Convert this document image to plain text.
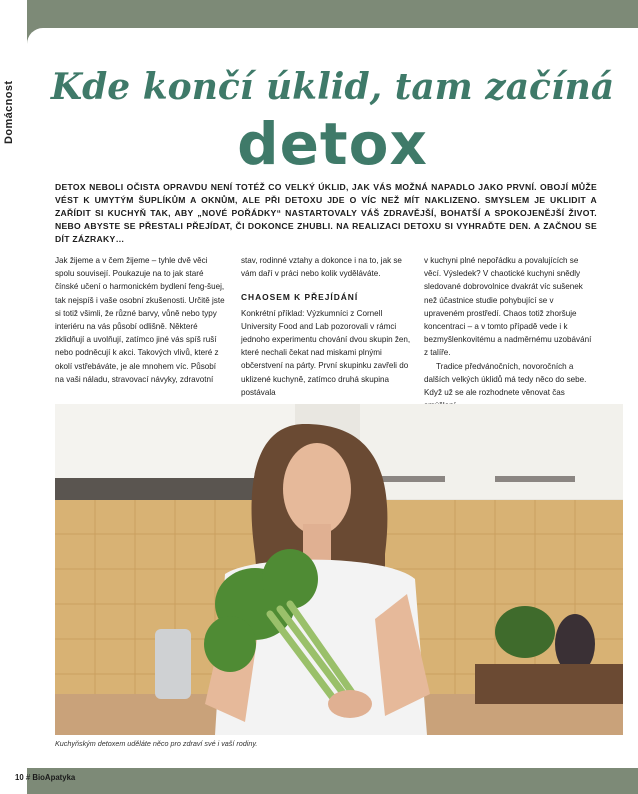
Domácnost Kde končí úklid, tam začíná
detox
DETOX NEBOLI OČISTA OPRAVDU NENÍ TOTÉŽ CO VELKÝ ÚKLID, JAK VÁS MOŽNÁ NAPADLO JAKO PRVNÍ. OBOJÍ MŮŽE VÉST K UMYTÝM ŠUPLÍKŮM A OKNŮM, ALE PŘI DETOXU JDE O VÍC NEŽ MÍT NAKLIZENO. SMYSLEM JE UKLIDIT A ZAŘÍDIT SI KUCHYŇ TAK, ABY „NOVÉ POŘÁDKY“ NASTARTOVALY VÁŠ ZDRAVĚJŠÍ, BOHATŠÍ A SPOKOJENĚJŠÍ ŽIVOT. NEBO ABYSTE SE PŘESTALI PŘEJÍDAT, ČI DOKONCE ZHUBLI. NA REALIZACI DETOXU SI VYHRAĎTE DEN. A ZAČNOU SE DÍT ZÁZRAKY…

Jak žijeme a v čem žijeme – tyhle dvě věci spolu souvisejí. Poukazuje na to jak staré čínské učení o harmonickém bydlení feng-šuej, tak nejspíš i vaše osobní zkušenosti. Určitě jste si totiž všimli, že různé barvy, vůně nebo typy interiéru na vás působí odlišně. Některé zklidňují a uvolňují, zatímco jiné vás spíš ruší nebo podněcují k akci. Takových vlivů, které z okolí vstřebáváte, je ale mnohem víc. Působí na vaši náladu, stravovací návyky, zdravotní

stav, rodinné vztahy a dokonce i na to, jak se vám daří v práci nebo kolik vyděláváte.

CHAOSEM K PŘEJÍDÁNÍ

Konkrétní příklad: Výzkumníci z Cornell University Food and Lab pozorovali v rámci jednoho experimentu chování dvou skupin žen, které nechali čekat nad miskami plnými občerstvení na párty. První skupinku zavřeli do uklizené kuchyně, zatímco druhá skupina postávala

v kuchyni plné nepořádku a povalujících se věcí. Výsledek? V chaotické kuchyni snědly sledované dobrovolnice dvakrát víc sušenek než účastnice studie pohybující se v upraveném prostředí. Chaos totiž zhoršuje koncentraci – a v tomto případě vede i k bezmyšlenkovitému a nadměrnému uzobávání z talíře.

Tradice předvánočních, novoročních a dalších velkých úklidů má tedy něco do sebe. Když už se ale rozhodnete věnovat čas

Kuchyňským detoxem uděláte něco pro zdraví své i vaší rodiny.
10 # BioApatyka
